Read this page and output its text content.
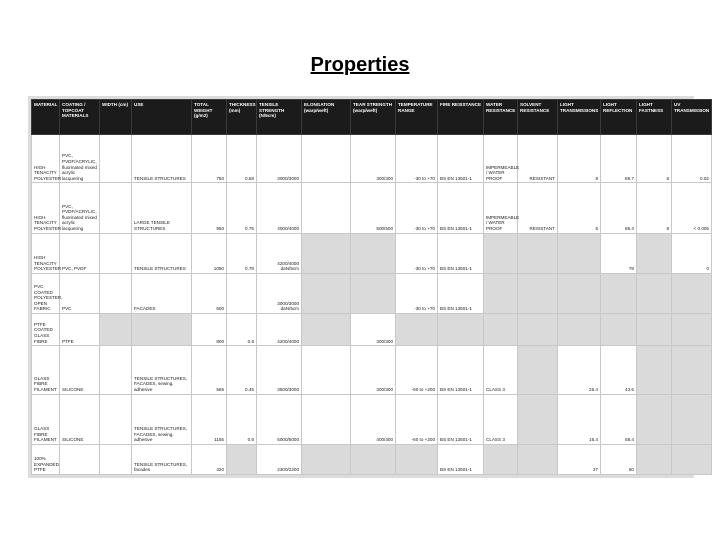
Properties
MATERIAL	COATING / TOPCOAT MATERIALS	WIDTH (cm)	USE	TOTAL WEIGHT (g/m2)	THICKNESS (mm)	TENSILE STRENGTH (N/5cm)	ELONGATION (warp/weft)	TEAR STRENGTH (warp/weft)	TEMPERATURE RANGE	FIRE RESISTANCE	WATER RESISTANCE	SOLVENT RESISTANCE	LIGHT TRANSMISSIONS	LIGHT REFLECTION	LIGHT FASTNESS	UV TRANSMISSION
HIGH TENACITY POLYESTER	PVC, PVDF/ACRYLIC, fluorinated mixed acrylic lacquering		TENSILE STRUCTURES	750	0.58	3000/3000		300/300	-30 to +70	BS EN 13501-1	IMPERMEABLE / WATER PROOF	RESISTANT	8	86.7	8	0.02
HIGH TENACITY POLYESTER	PVC, PVDF/ACRYLIC, fluorinated mixed acrylic lacquering		LARGE TENSILE STRUCTURES	950	0.75	4000/4000		500/500	-30 to +70	BS EN 13501-1	IMPERMEABLE / WATER PROOF	RESISTANT	5	86.4	8	< 0.005
HIGH TENACITY POLYESTER	PVC, PVDF		TENSILE STRUCTURES	1050	0.78	4200/4000 daN/5cm			-30 to +70	BS EN 13501-1				78		0
PVC COATED POLYESTER, OPEN FABRIC	PVC		FACADES	600		3000/3000 daN/5cm			-30 to +70	BS EN 13501-1						
PTFE COATED GLASS FIBRE	PTFE			800	0.6	4200/4000		300/300								
GLASS FIBRE FILAMENT	SILICONE		TENSILE STRUCTURES, FACADES, sewing, adhesive	565	0.45	3500/3000		300/300	-60 to +200	BS EN 13501-1	CLASS 3		26.4	43.5		
GLASS FIBRE FILAMENT	SILICONE		TENSILE STRUCTURES, FACADES, sewing, adhesive	1155	0.6	5000/5000		400/400	-60 to +200	BS EN 13501-1	CLASS 3		16.4	58.4		
100% EXPANDED PTFE			TENSILE STRUCTURES, facades	320		2300/2200				BS EN 13501-1			37	60		
